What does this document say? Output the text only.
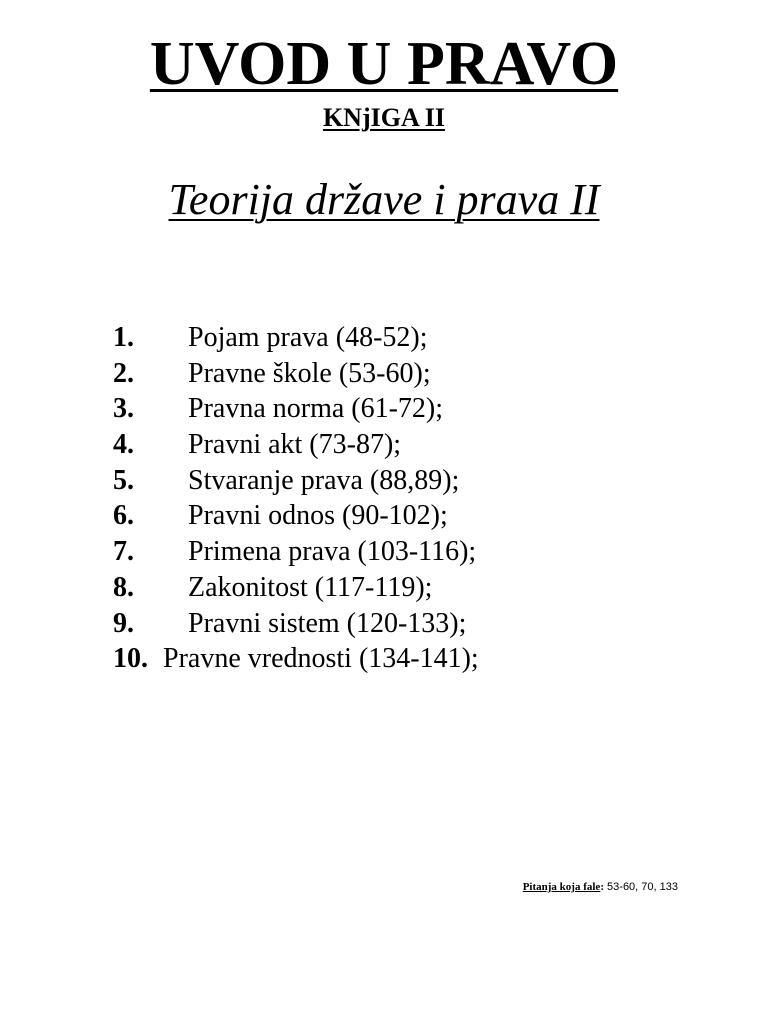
UVOD U PRAVO
KNjIGA II
Teorija države i prava II
1. Pojam prava (48-52);
2. Pravne škole (53-60);
3. Pravna norma (61-72);
4. Pravni akt (73-87);
5. Stvaranje prava (88,89);
6. Pravni odnos (90-102);
7. Primena prava (103-116);
8. Zakonitost (117-119);
9. Pravni sistem (120-133);
10. Pravne vrednosti (134-141);
Pitanja koja fale: 53-60, 70, 133
